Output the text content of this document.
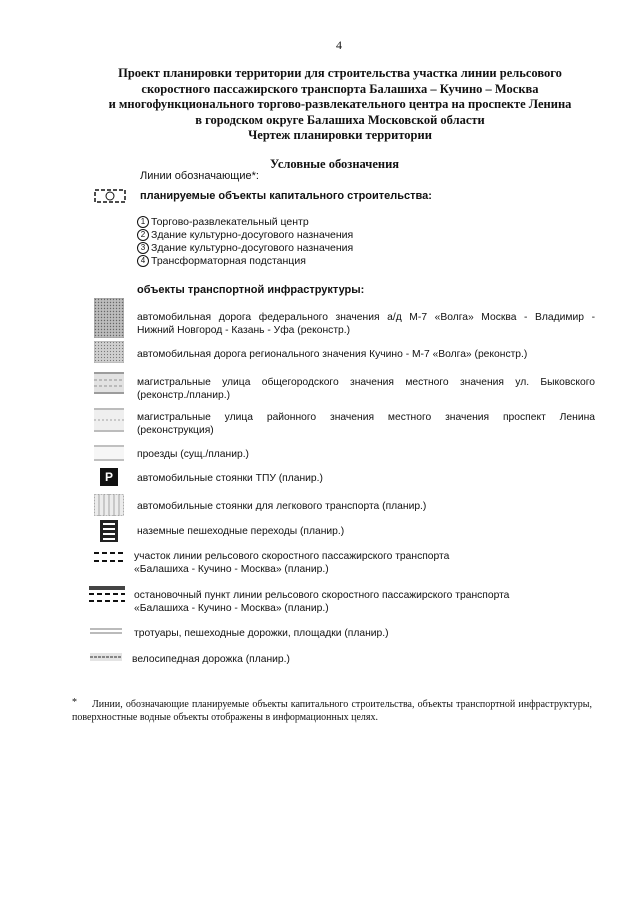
4
Проект планировки территории для строительства участка линии рельсового
скоростного пассажирского транспорта Балашиха – Кучино – Москва
и многофункционального торгово-развлекательного центра на проспекте Ленина
в городском округе Балашиха Московской области
Чертеж планировки территории
Условные обозначения
Линии обозначающие*:
планируемые объекты капитального строительства:
1 Торгово-развлекательный центр
2 Здание культурно-досугового назначения
3 Здание культурно-досугового назначения
4 Трансформаторная подстанция
объекты транспортной инфраструктуры:
автомобильная дорога федерального значения а/д М-7 «Волга» Москва - Владимир -
Нижний Новгород - Казань - Уфа (реконстр.)
автомобильная дорога регионального значения Кучино - М-7 «Волга» (реконстр.)
магистральные улица общегородского значения местного значения ул. Быковского
(реконстр./планир.)
магистральные улица районного значения местного значения проспект Ленина
(реконструкция)
проезды (сущ./планир.)
P	автомобильные стоянки ТПУ (планир.)
автомобильные стоянки для легкового транспорта (планир.)
наземные пешеходные переходы (планир.)
участок линии рельсового скоростного пассажирского транспорта
«Балашиха - Кучино - Москва» (планир.)
остановочный пункт линии рельсового скоростного пассажирского транспорта
«Балашиха - Кучино - Москва» (планир.)
тротуары, пешеходные дорожки, площадки (планир.)
велосипедная дорожка (планир.)
*	Линии, обозначающие планируемые объекты капитального строительства, объекты транспортной инфраструктуры, поверхностные водные объекты отображены в информационных целях.
